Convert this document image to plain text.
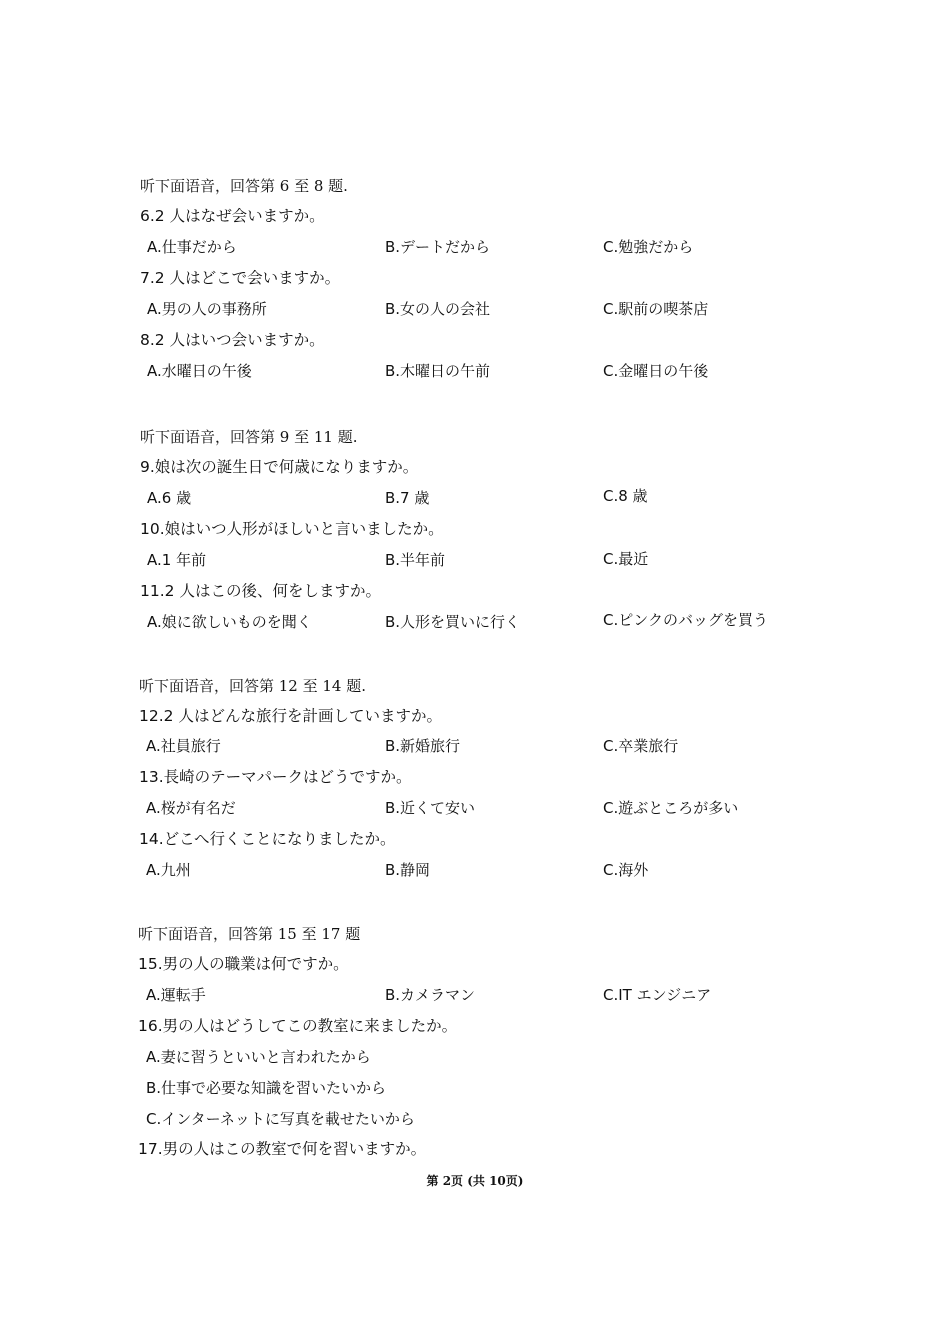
听下面语音，回答第 6 至 8 题.
6.2 人はなぜ会いますか。
A.仕事だから	B.デートだから	C.勉強だから
7.2 人はどこで会いますか。
A.男の人の事務所	B.女の人の会社	C.駅前の喫茶店
8.2 人はいつ会いますか。
A.水曜日の午後	B.木曜日の午前	C.金曜日の午後
听下面语音，回答第 9 至 11 题.
9.娘は次の誕生日で何歳になりますか。
A.6 歳	B.7 歳	C.8 歳
10.娘はいつ人形がほしいと言いましたか。
A.1 年前	B.半年前	C.最近
11.2 人はこの後、何をしますか。
A.娘に欲しいものを聞く	B.人形を買いに行く	C.ピンクのバッグを買う
听下面语音，回答第 12 至 14 题.
12.2 人はどんな旅行を計画していますか。
A.社員旅行	B.新婚旅行	C.卒業旅行
13.長崎のテーマパークはどうですか。
A.桜が有名だ	B.近くて安い	C.遊ぶところが多い
14.どこへ行くことになりましたか。
A.九州	B.静岡	C.海外
听下面语音，回答第 15 至 17 题
15.男の人の職業は何ですか。
A.運転手	B.カメラマン	C.IT エンジニア
16.男の人はどうしてこの教室に来ましたか。
A.妻に習うといいと言われたから
B.仕事で必要な知識を習いたいから
C.インターネットに写真を載せたいから
17.男の人はこの教室で何を習いますか。
第 2页 (共 10页)
